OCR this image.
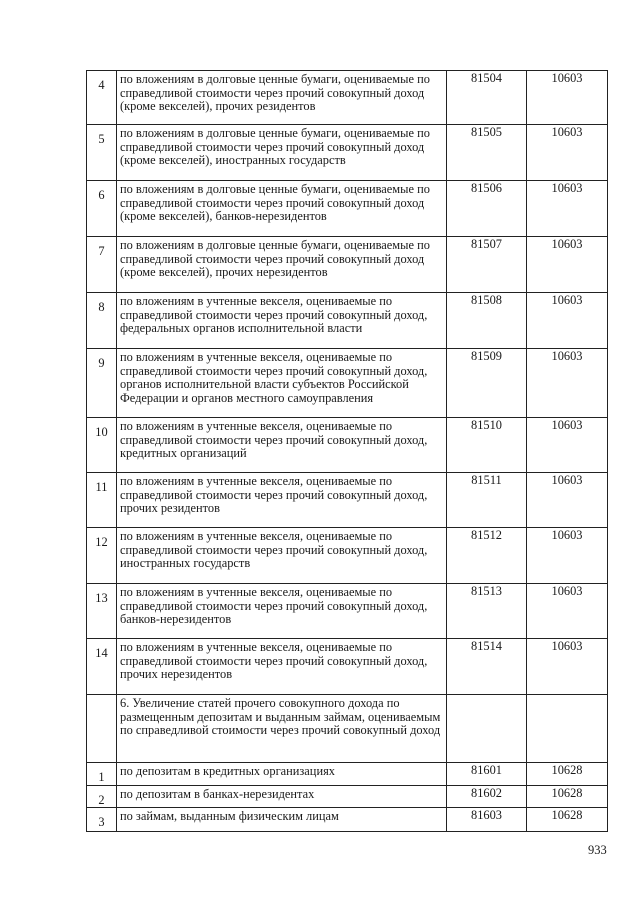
4	по вложениям в долговые ценные бумаги, оцениваемые по справедливой стоимости через прочий совокупный доход (кроме векселей), прочих резидентов	81504	10603
5	по вложениям в долговые ценные бумаги, оцениваемые по справедливой стоимости через прочий совокупный доход (кроме векселей), иностранных государств	81505	10603
6	по вложениям в долговые ценные бумаги, оцениваемые по справедливой стоимости через прочий совокупный доход (кроме векселей), банков-нерезидентов	81506	10603
7	по вложениям в долговые ценные бумаги, оцениваемые по справедливой стоимости через прочий совокупный доход (кроме векселей), прочих нерезидентов	81507	10603
8	по вложениям в учтенные векселя, оцениваемые по справедливой стоимости через прочий совокупный доход, федеральных органов исполнительной власти	81508	10603
9	по вложениям в учтенные векселя, оцениваемые по справедливой стоимости через прочий совокупный доход, органов исполнительной власти субъектов Российской Федерации и органов местного самоуправления	81509	10603
10	по вложениям в учтенные векселя, оцениваемые по справедливой стоимости через прочий совокупный доход, кредитных организаций	81510	10603
11	по вложениям в учтенные векселя, оцениваемые по справедливой стоимости через прочий совокупный доход, прочих резидентов	81511	10603
12	по вложениям в учтенные векселя, оцениваемые по справедливой стоимости через прочий совокупный доход, иностранных государств	81512	10603
13	по вложениям в учтенные векселя, оцениваемые по справедливой стоимости через прочий совокупный доход, банков-нерезидентов	81513	10603
14	по вложениям в учтенные векселя, оцениваемые по справедливой стоимости через прочий совокупный доход, прочих нерезидентов	81514	10603
	6. Увеличение статей прочего совокупного дохода по размещенным депозитам и выданным займам, оцениваемым по справедливой стоимости через прочий совокупный доход		
1	по депозитам в кредитных организациях	81601	10628
2	по депозитам в банках-нерезидентах	81602	10628
3	по займам, выданным физическим лицам	81603	10628
933
